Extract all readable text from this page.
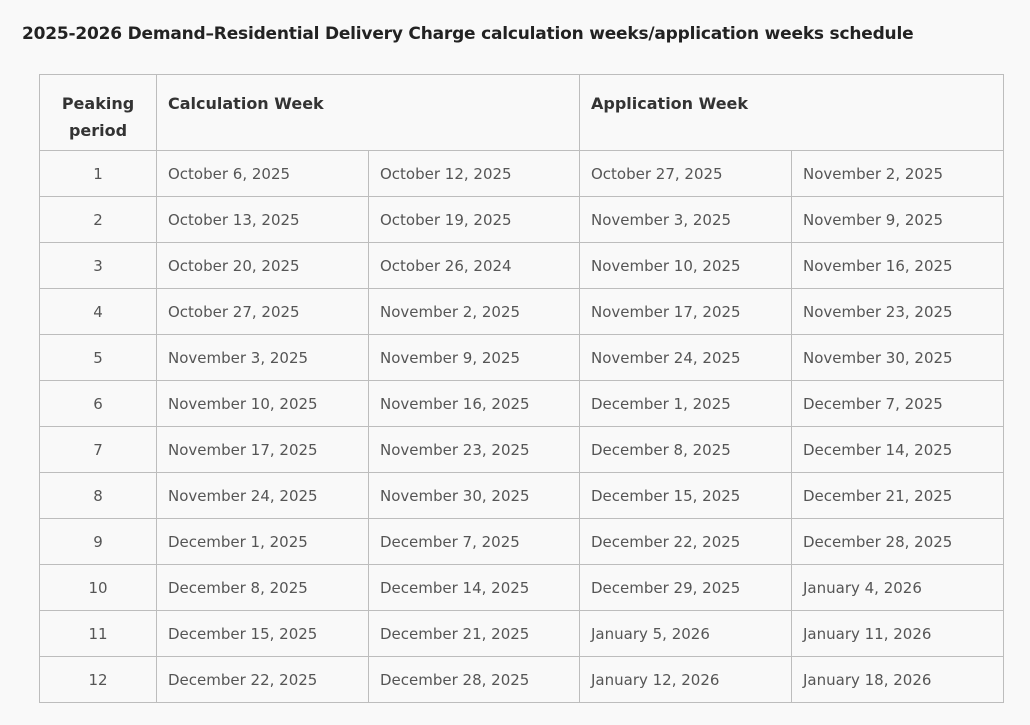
2025-2026 Demand–Residential Delivery Charge calculation weeks/application weeks schedule
Peaking
period	Calculation Week		Application Week	
1	October 6, 2025	October 12, 2025	October 27, 2025	November 2, 2025
2	October 13, 2025	October 19, 2025	November 3, 2025	November 9, 2025
3	October 20, 2025	October 26, 2024	November 10, 2025	November 16, 2025
4	October 27, 2025	November 2, 2025	November 17, 2025	November 23, 2025
5	November 3, 2025	November 9, 2025	November 24, 2025	November 30, 2025
6	November 10, 2025	November 16, 2025	December 1, 2025	December 7, 2025
7	November 17, 2025	November 23, 2025	December 8, 2025	December 14, 2025
8	November 24, 2025	November 30, 2025	December 15, 2025	December 21, 2025
9	December 1, 2025	December 7, 2025	December 22, 2025	December 28, 2025
10	December 8, 2025	December 14, 2025	December 29, 2025	January 4, 2026
11	December 15, 2025	December 21, 2025	January 5, 2026	January 11, 2026
12	December 22, 2025	December 28, 2025	January 12, 2026	January 18, 2026
